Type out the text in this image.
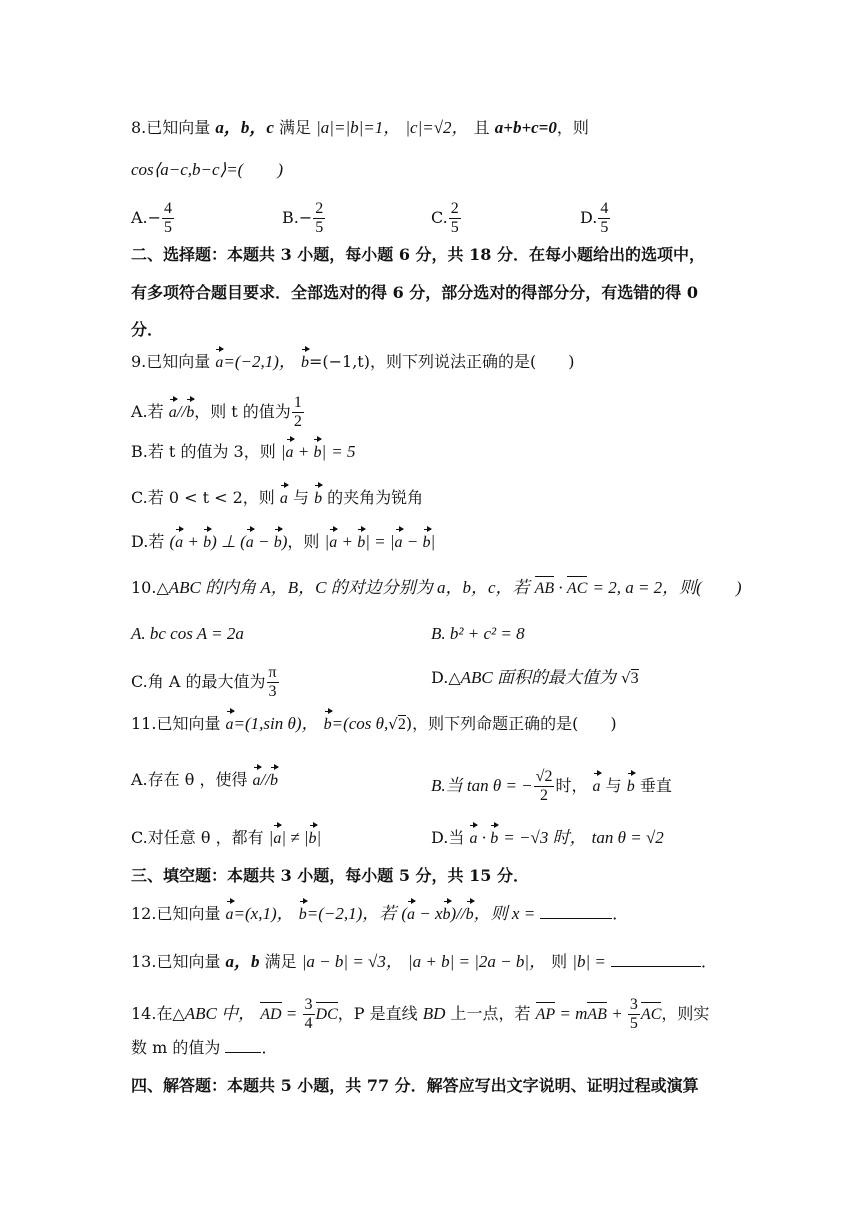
8.已知向量 a，b，c 满足 |a|=|b|=1， |c|=√2， 且 a+b+c=0，则
cos⟨a−c,b−c⟩=(　　)
$A.- \frac{4}{5}$	$B.- \frac{2}{5}$	C. $\frac{2}{5}$	D. $\frac{4}{5}$
二、选择题：本题共 3 小题，每小题 6 分，共 18 分．在每小题给出的选项中，
有多项符合题目要求．全部选对的得 6 分，部分选对的得部分分，有选错的得 0
分．
9.已知向量 a=(−2,1)， b=(−1,t)，则下列说法正确的是(　　)
A.若 a//b，则 t 的值为 $\frac{1}{2}$
B.若 t 的值为 3，则 |a + b| = 5
C.若 0 < t < 2，则 a 与 b 的夹角为锐角
D.若 (a + b) ⊥ (a − b)，则 |a + b| = |a − b|
10.△ABC 的内角 A，B，C 的对边分别为 a，b，c，若 AB · AC = 2, a = 2，则(　　)
A. bc cos A = 2a	B. b² + c² = 8
C.角 A 的最大值为 $\frac{\pi}{3}$	D.△ABC 面积的最大值为 √3
11.已知向量 a=(1,sin θ)， b=(cos θ,√2)，则下列命题正确的是(　　)
A.存在 θ ，使得 a//b	B.当 tan θ = − $\frac{√2}{2}$ 时， a 与 b 垂直
C.对任意 θ ，都有 |a| ≠ |b|	D.当 a · b = −√3 时， tan θ = √2
三、填空题：本题共 3 小题，每小题 5 分，共 15 分．
12.已知向量 a=(x,1)， b=(−2,1)，若 (a − xb)//b，则 x =	．
13.已知向量 a，b 满足 |a − b| = √3， |a + b| = |2a − b|， 则 |b| =	．
14.在△ABC 中， AD = $\frac{3}{4}$ DC，P 是直线 BD 上一点，若 AP = mAB + $\frac{3}{5}$ AC，则实
数 m 的值为	．
四、解答题：本题共 5 小题，共 77 分．解答应写出文字说明、证明过程或演算
